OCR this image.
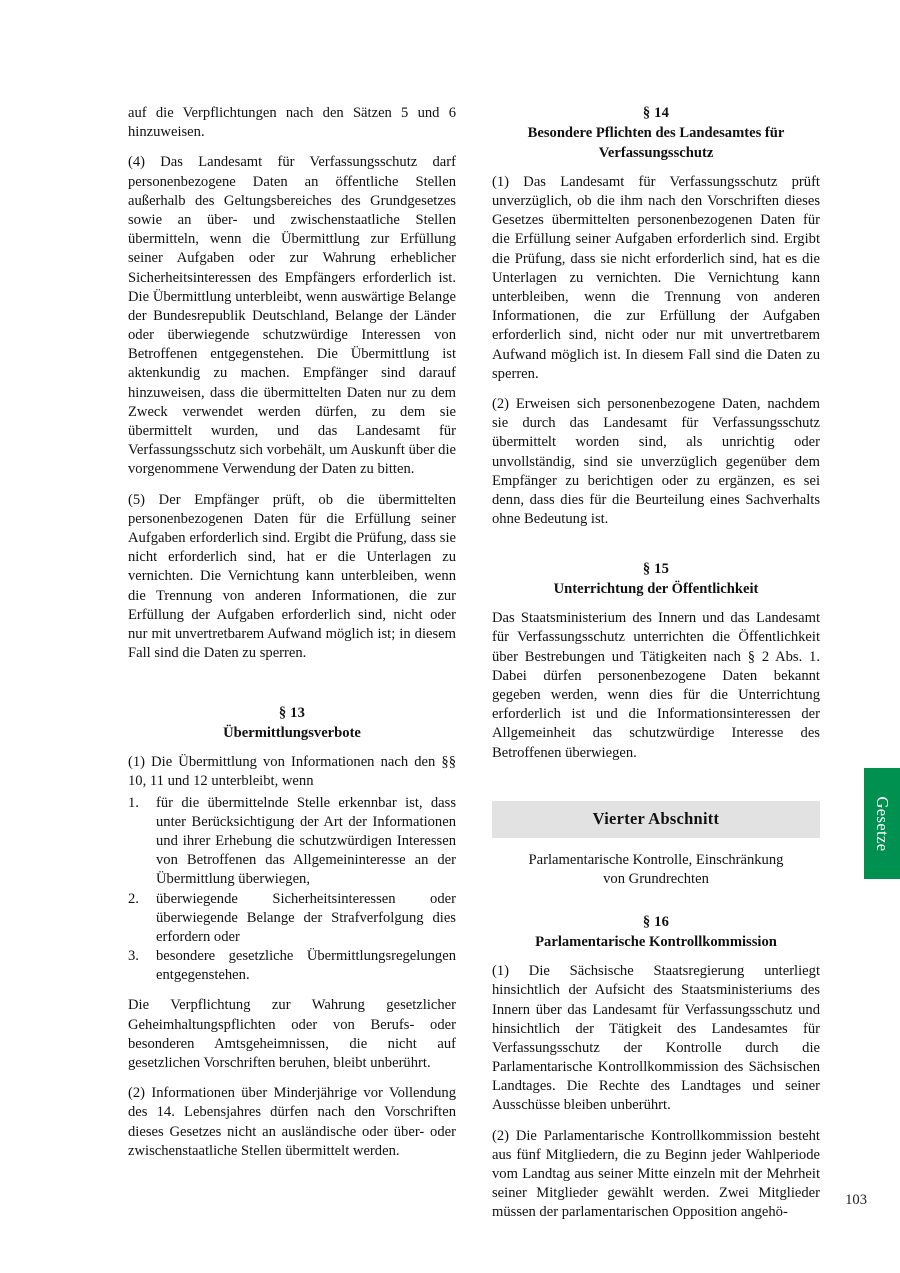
auf die Verpflichtungen nach den Sätzen 5 und 6 hinzuweisen.

(4) Das Landesamt für Verfassungsschutz darf personenbezogene Daten an öffentliche Stellen außerhalb des Geltungsbereiches des Grundgesetzes sowie an über- und zwischenstaatliche Stellen übermitteln, wenn die Übermittlung zur Erfüllung seiner Aufgaben oder zur Wahrung erheblicher Sicherheitsinteressen des Empfängers erforderlich ist. Die Übermittlung unterbleibt, wenn auswärtige Belange der Bundesrepublik Deutschland, Belange der Länder oder überwiegende schutzwürdige Interessen von Betroffenen entgegenstehen. Die Übermittlung ist aktenkundig zu machen. Empfänger sind darauf hinzuweisen, dass die übermittelten Daten nur zu dem Zweck verwendet werden dürfen, zu dem sie übermittelt wurden, und das Landesamt für Verfassungsschutz sich vorbehält, um Auskunft über die vorgenommene Verwendung der Daten zu bitten.

(5) Der Empfänger prüft, ob die übermittelten personenbezogenen Daten für die Erfüllung seiner Aufgaben erforderlich sind. Ergibt die Prüfung, dass sie nicht erforderlich sind, hat er die Unterlagen zu vernichten. Die Vernichtung kann unterbleiben, wenn die Trennung von anderen Informationen, die zur Erfüllung der Aufgaben erforderlich sind, nicht oder nur mit unvertretbarem Aufwand möglich ist; in diesem Fall sind die Daten zu sperren.

§ 13
Übermittlungsverbote

(1) Die Übermittlung von Informationen nach den §§ 10, 11 und 12 unterbleibt, wenn

1.	für die übermittelnde Stelle erkennbar ist, dass unter Berücksichtigung der Art der Informationen und ihrer Erhebung die schutzwürdigen Interessen von Betroffenen das Allgemeininteresse an der Übermittlung überwiegen,
2.	überwiegende Sicherheitsinteressen oder überwiegende Belange der Strafverfolgung dies erfordern oder
3.	besondere gesetzliche Übermittlungsregelungen entgegenstehen.

Die Verpflichtung zur Wahrung gesetzlicher Geheimhaltungspflichten oder von Berufs- oder besonderen Amtsgeheimnissen, die nicht auf gesetzlichen Vorschriften beruhen, bleibt unberührt.

(2) Informationen über Minderjährige vor Vollendung des 14. Lebensjahres dürfen nach den Vorschriften dieses Gesetzes nicht an ausländische oder über- oder zwischenstaatliche Stellen übermittelt werden.

§ 14
Besondere Pflichten des Landesamtes für
Verfassungsschutz

(1) Das Landesamt für Verfassungsschutz prüft unverzüglich, ob die ihm nach den Vorschriften dieses Gesetzes übermittelten personenbezogenen Daten für die Erfüllung seiner Aufgaben erforderlich sind. Ergibt die Prüfung, dass sie nicht erforderlich sind, hat es die Unterlagen zu vernichten. Die Vernichtung kann unterbleiben, wenn die Trennung von anderen Informationen, die zur Erfüllung der Aufgaben erforderlich sind, nicht oder nur mit unvertretbarem Aufwand möglich ist. In diesem Fall sind die Daten zu sperren.

(2) Erweisen sich personenbezogene Daten, nachdem sie durch das Landesamt für Verfassungsschutz übermittelt worden sind, als unrichtig oder unvollständig, sind sie unverzüglich gegenüber dem Empfänger zu berichtigen oder zu ergänzen, es sei denn, dass dies für die Beurteilung eines Sachverhalts ohne Bedeutung ist.

§ 15
Unterrichtung der Öffentlichkeit

Das Staatsministerium des Innern und das Landesamt für Verfassungsschutz unterrichten die Öffentlichkeit über Bestrebungen und Tätigkeiten nach § 2 Abs. 1. Dabei dürfen personenbezogene Daten bekannt gegeben werden, wenn dies für die Unterrichtung erforderlich ist und die Informationsinteressen der Allgemeinheit das schutzwürdige Interesse des Betroffenen überwiegen.

Vierter Abschnitt
Parlamentarische Kontrolle, Einschränkung
von Grundrechten
§ 16
Parlamentarische Kontrollkommission

(1) Die Sächsische Staatsregierung unterliegt hinsichtlich der Aufsicht des Staatsministeriums des Innern über das Landesamt für Verfassungsschutz und hinsichtlich der Tätigkeit des Landesamtes für Verfassungsschutz der Kontrolle durch die Parlamentarische Kontrollkommission des Sächsischen Landtages. Die Rechte des Landtages und seiner Ausschüsse bleiben unberührt.

(2) Die Parlamentarische Kontrollkommission besteht aus fünf Mitgliedern, die zu Beginn jeder Wahlperiode vom Landtag aus seiner Mitte einzeln mit der Mehrheit seiner Mitglieder gewählt werden. Zwei Mitglieder müssen der parlamentarischen Opposition angehö-

Gesetze
103
